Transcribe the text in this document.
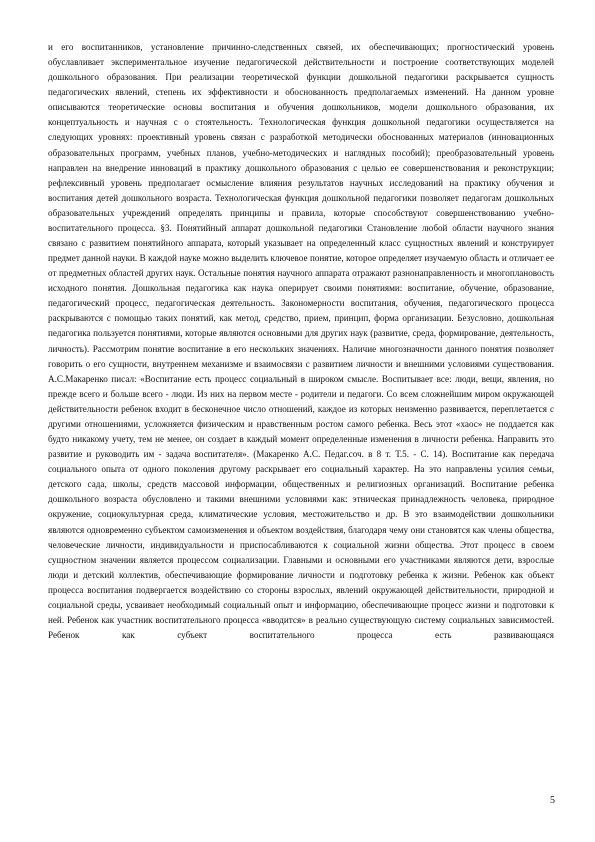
и его воспитанников, установление причинно-следственных связей, их обеспечивающих; прогностический уровень обуславливает экспериментальное изучение педагогической действительности и построение соответствующих моделей дошкольного образования. При реализации теоретической функции дошкольной педагогики раскрывается сущность педагогических явлений, степень их эффективности и обоснованность предполагаемых изменений. На данном уровне описываются теоретические основы воспитания и обучения дошкольников, модели дошкольного образования, их концептуальность и научная с о стоятельность. Технологическая функция дошкольной педагогики осуществляется на следующих уровнях: проективный уровень связан с разработкой методически обоснованных материалов (инновационных образовательных программ, учебных планов, учебно-методических и наглядных пособий); преобразовательный уровень направлен на внедрение инноваций в практику дошкольного образования с целью ее совершенствования и реконструкции; рефлексивный уровень предполагает осмысление влияния результатов научных исследований на практику обучения и воспитания детей дошкольного возраста. Технологическая функция дошкольной педагогики позволяет педагогам дошкольных образовательных учреждений определять принципы и правила, которые способствуют совершенствованию учебно-воспитательного процесса. §3. Понятийный аппарат дошкольной педагогики Становление любой области научного знания связано с развитием понятийного аппарата, который указывает на определенный класс сущностных явлений и конструирует предмет данной науки. В каждой науке можно выделить ключевое понятие, которое определяет изучаемую область и отличает ее от предметных областей других наук. Остальные понятия научного аппарата отражают разнонаправленность и многоплановость исходного понятия. Дошкольная педагогика как наука оперирует своими понятиями: воспитание, обучение, образование, педагогический процесс, педагогическая деятельность. Закономерности воспитания, обучения, педагогического процесса раскрываются с помощью таких понятий, как метод, средство, прием, принцип, форма организации. Безусловно, дошкольная педагогика пользуется понятиями, которые являются основными для других наук (развитие, среда, формирование, деятельность, личность). Рассмотрим понятие воспитание в его нескольких значениях. Наличие многозначности данного понятия позволяет говорить о его сущности, внутреннем механизме и взаимосвязи с развитием личности и внешними условиями существования. А.С.Макаренко писал: «Воспитание есть процесс социальный в широком смысле. Воспитывает все: люди, вещи, явления, но прежде всего и больше всего - люди. Из них на первом месте - родители и педагоги. Со всем сложнейшим миром окружающей действительности ребенок входит в бесконечное число отношений, каждое из которых неизменно развивается, переплетается с другими отношениями, усложняется физическим и нравственным ростом самого ребенка. Весь этот «хаос» не поддается как будто никакому учету, тем не менее, он создает в каждый момент определенные изменения в личности ребенка. Направить это развитие и руководить им - задача воспитателя». (Макаренко А.С. Педаг.соч. в 8 т. Т.5. - С. 14). Воспитание как передача социального опыта от одного поколения другому раскрывает его социальный характер. На это направлены усилия семьи, детского сада, школы, средств массовой информации, общественных и религиозных организаций. Воспитание ребенка дошкольного возраста обусловлено и такими внешними условиями как: этническая принадлежность человека, природное окружение, социокультурная среда, климатические условия, местожительство и др. В это взаимодействии дошкольники являются одновременно субъектом самоизменения и объектом воздействия, благодаря чему они становятся как члены общества, человеческие личности, индивидуальности и приспосабливаются к социальной жизни общества. Этот процесс в своем сущностном значении является процессом социализации. Главными и основными его участниками являются дети, взрослые люди и детский коллектив, обеспечивающие формирование личности и подготовку ребенка к жизни. Ребенок как объект процесса воспитания подвергается воздействию со стороны взрослых, явлений окружающей действительности, природной и социальной среды, усваивает необходимый социальный опыт и информацию, обеспечивающие процесс жизни и подготовки к ней. Ребенок как участник воспитательного процесса «вводится» в реально существующую систему социальных зависимостей. Ребенок как субъект воспитательного процесса есть развивающаяся

5
